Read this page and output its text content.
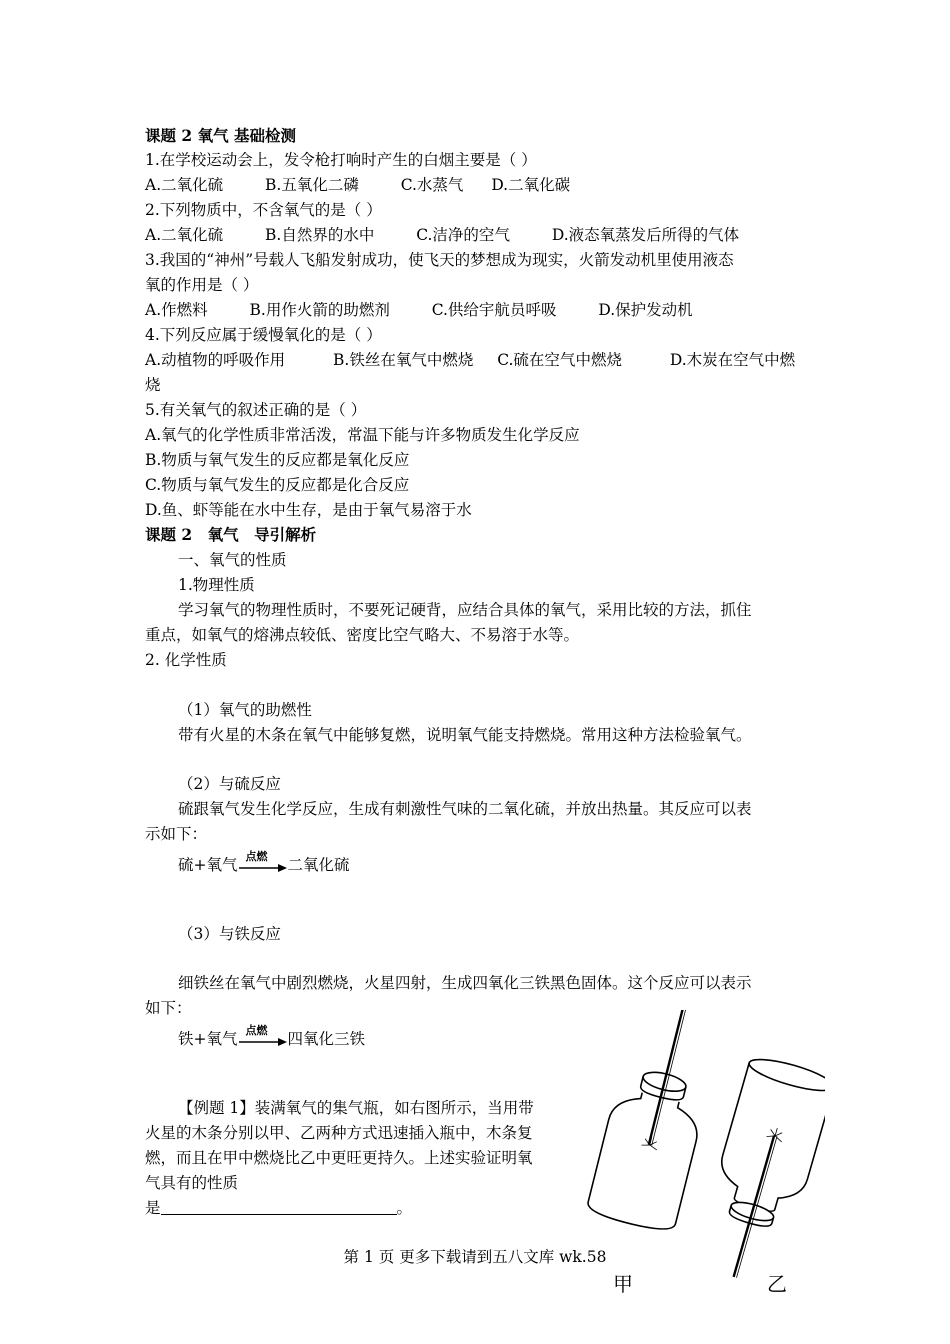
课题 2 氧气 基础检测
1.在学校运动会上，发令枪打响时产生的白烟主要是（ ）
A.二氧化硫	B.五氧化二磷	C.水蒸气 D.二氧化碳
2.下列物质中，不含氧气的是（ ）
A.二氧化硫	B.自然界的水中	C.洁净的空气	D.液态氧蒸发后所得的气体
3.我国的“神州”号载人飞船发射成功，使飞天的梦想成为现实，火箭发动机里使用液态
氧的作用是（ ）
A.作燃料	B.用作火箭的助燃剂	C.供给宇航员呼吸	D.保护发动机
4.下列反应属于缓慢氧化的是（ ）
A.动植物的呼吸作用	B.铁丝在氧气中燃烧 C.硫在空气中燃烧	D.木炭在空气中燃
烧
5.有关氧气的叙述正确的是（ ）
A.氧气的化学性质非常活泼，常温下能与许多物质发生化学反应
B.物质与氧气发生的反应都是氧化反应
C.物质与氧气发生的反应都是化合反应
D.鱼、虾等能在水中生存，是由于氧气易溶于水
课题 2　氧气　导引解析
一、氧气的性质
1.物理性质
学习氧气的物理性质时，不要死记硬背，应结合具体的氧气，采用比较的方法，抓住
重点，如氧气的熔沸点较低、密度比空气略大、不易溶于水等。
2. 化学性质
（1）氧气的助燃性
带有火星的木条在氧气中能够复燃，说明氧气能支持燃烧。常用这种方法检验氧气。
（2）与硫反应
硫跟氧气发生化学反应，生成有刺激性气味的二氧化硫，并放出热量。其反应可以表
示如下：
硫+氧气 点燃 二氧化硫
（3）与铁反应
细铁丝在氧气中剧烈燃烧，火星四射，生成四氧化三铁黑色固体。这个反应可以表示
如下：
铁+氧气 点燃 四氧化三铁
【例题 1】装满氧气的集气瓶，如右图所示，当用带
火星的木条分别以甲、乙两种方式迅速插入瓶中，木条复
燃，而且在甲中燃烧比乙中更旺更持久。上述实验证明氧
气具有的性质
是	。
甲	乙
第 1 页 更多下载请到五八文库 wk.58
